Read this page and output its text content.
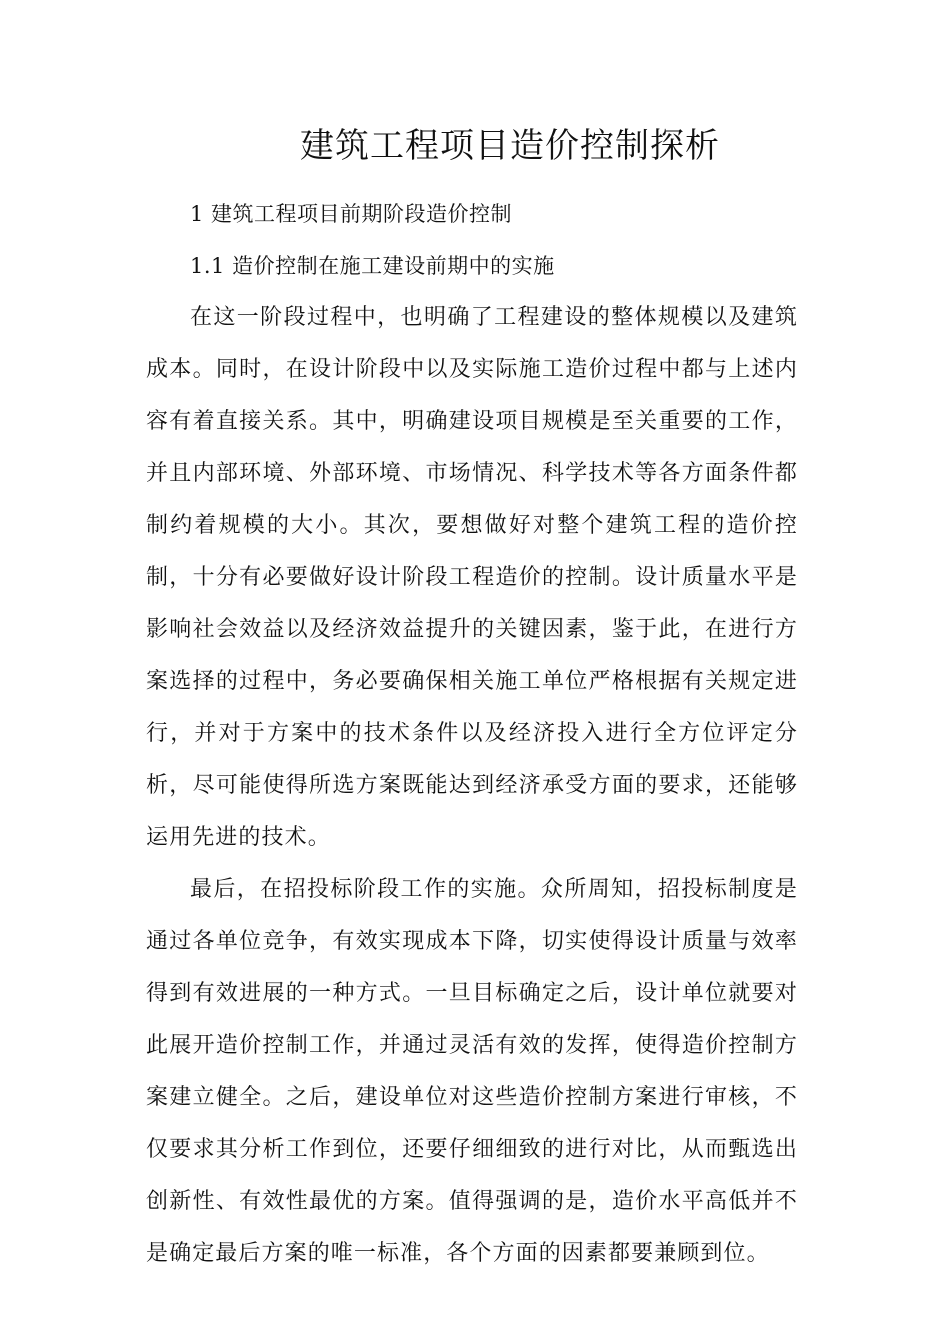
建筑工程项目造价控制探析

1 建筑工程项目前期阶段造价控制

1.1 造价控制在施工建设前期中的实施

在这一阶段过程中，也明确了工程建设的整体规模以及建筑成本。同时，在设计阶段中以及实际施工造价过程中都与上述内容有着直接关系。其中，明确建设项目规模是至关重要的工作，并且内部环境、外部环境、市场情况、科学技术等各方面条件都制约着规模的大小。其次，要想做好对整个建筑工程的造价控制，十分有必要做好设计阶段工程造价的控制。设计质量水平是影响社会效益以及经济效益提升的关键因素，鉴于此，在进行方案选择的过程中，务必要确保相关施工单位严格根据有关规定进行，并对于方案中的技术条件以及经济投入进行全方位评定分析，尽可能使得所选方案既能达到经济承受方面的要求，还能够运用先进的技术。

最后，在招投标阶段工作的实施。众所周知，招投标制度是通过各单位竞争，有效实现成本下降，切实使得设计质量与效率得到有效进展的一种方式。一旦目标确定之后，设计单位就要对此展开造价控制工作，并通过灵活有效的发挥，使得造价控制方案建立健全。之后，建设单位对这些造价控制方案进行审核，不仅要求其分析工作到位，还要仔细细致的进行对比，从而甄选出创新性、有效性最优的方案。值得强调的是，造价水平高低并不是确定最后方案的唯一标准，各个方面的因素都要兼顾到位。
